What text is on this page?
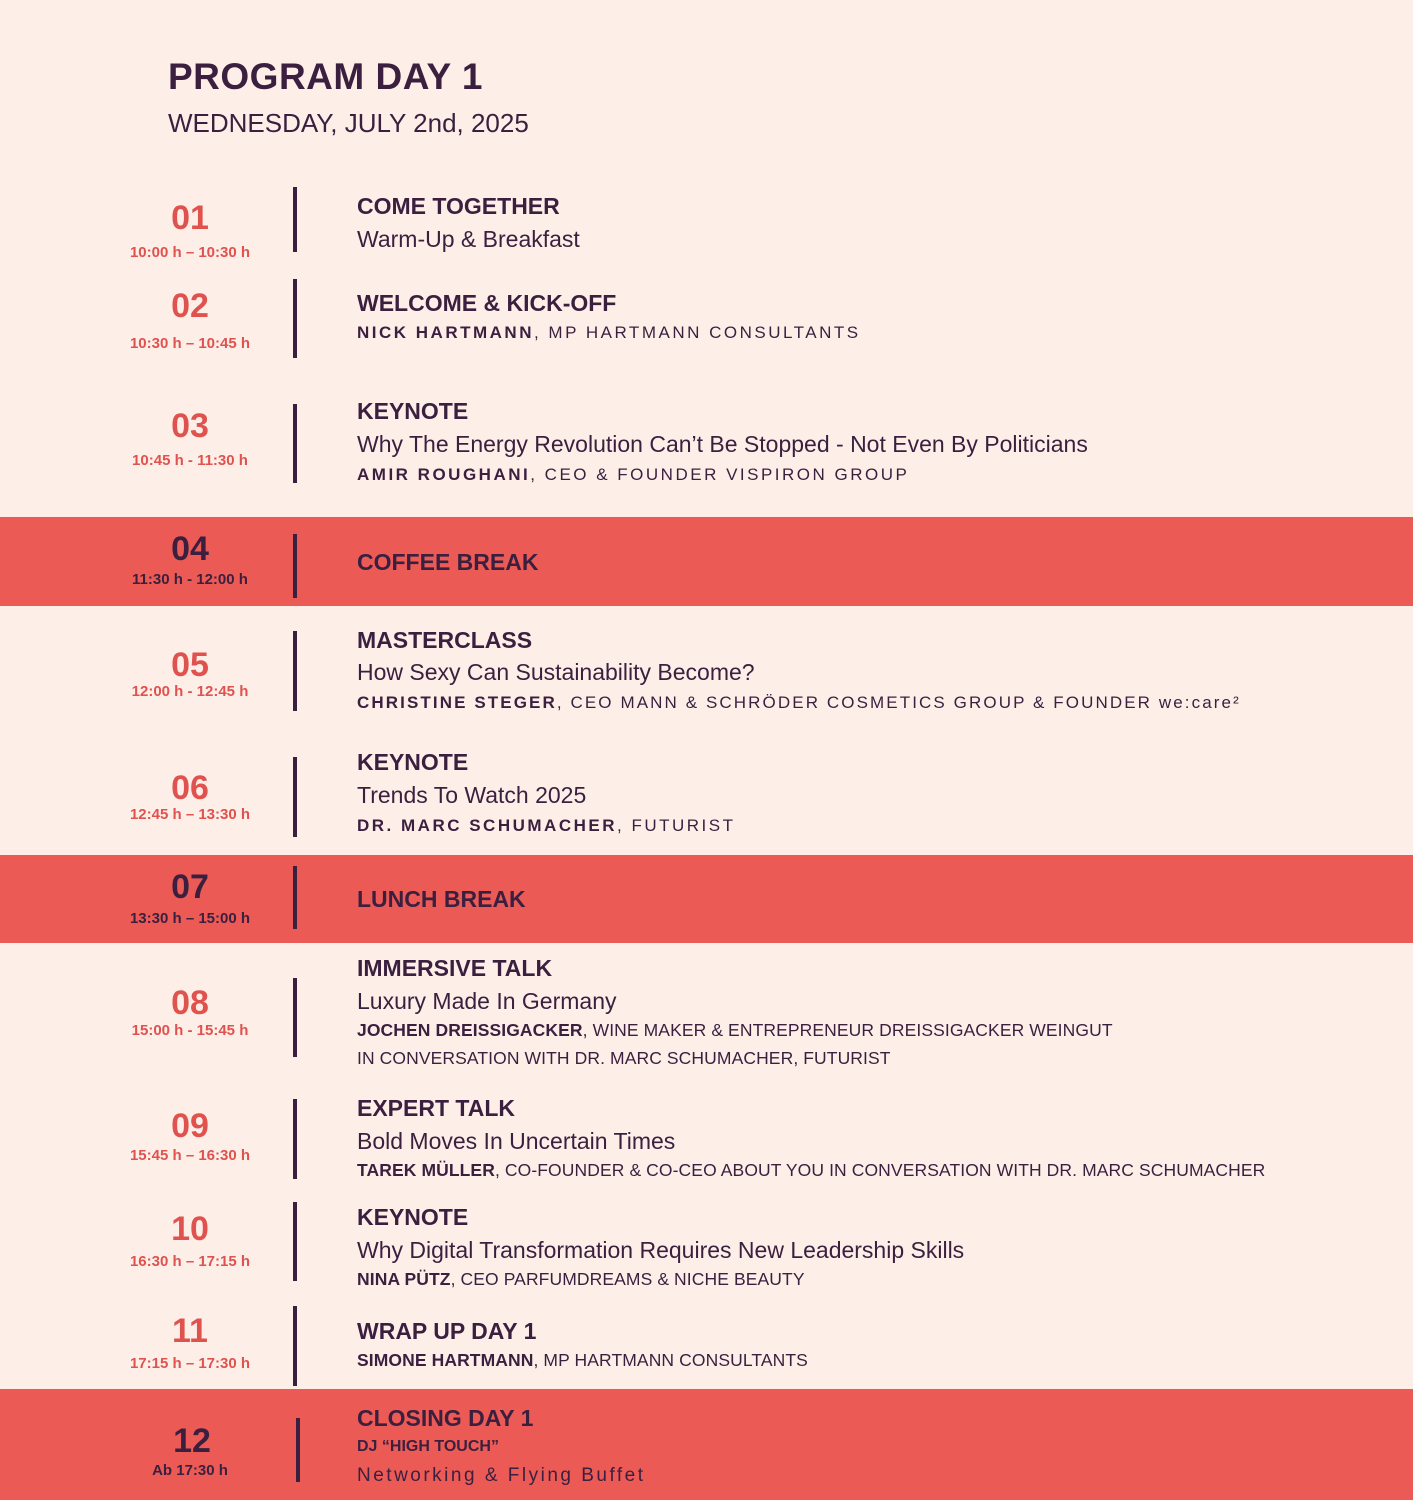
PROGRAM DAY 1
WEDNESDAY, JULY 2nd, 2025
01
10:00 h – 10:30 h
COME TOGETHER
Warm-Up & Breakfast
02
10:30 h – 10:45 h
WELCOME & KICK-OFF
NICK HARTMANN, MP HARTMANN CONSULTANTS
03
10:45 h - 11:30 h
KEYNOTE
Why The Energy Revolution Can’t Be Stopped - Not Even By Politicians
AMIR ROUGHANI, CEO & FOUNDER VISPIRON GROUP
04
11:30 h - 12:00 h
COFFEE BREAK
05
12:00 h - 12:45 h
MASTERCLASS
How Sexy Can Sustainability Become?
CHRISTINE STEGER, CEO MANN & SCHRÖDER COSMETICS GROUP & FOUNDER we:care²
06
12:45 h – 13:30 h
KEYNOTE
Trends To Watch 2025
DR. MARC SCHUMACHER, FUTURIST
07
13:30 h – 15:00 h
LUNCH BREAK
08
15:00 h - 15:45 h
IMMERSIVE TALK
Luxury Made In Germany
JOCHEN DREISSIGACKER, WINE MAKER & ENTREPRENEUR DREISSIGACKER WEINGUT
IN CONVERSATION WITH DR. MARC SCHUMACHER, FUTURIST
09
15:45 h – 16:30 h
EXPERT TALK
Bold Moves In Uncertain Times
TAREK MÜLLER, CO-FOUNDER & CO-CEO ABOUT YOU IN CONVERSATION WITH DR. MARC SCHUMACHER
10
16:30 h – 17:15 h
KEYNOTE
Why Digital Transformation Requires New Leadership Skills
NINA PÜTZ, CEO PARFUMDREAMS & NICHE BEAUTY
11
17:15 h – 17:30 h
WRAP UP DAY 1
SIMONE HARTMANN, MP HARTMANN CONSULTANTS
12
Ab 17:30 h
CLOSING DAY 1
DJ “HIGH TOUCH”
Networking & Flying Buffet
